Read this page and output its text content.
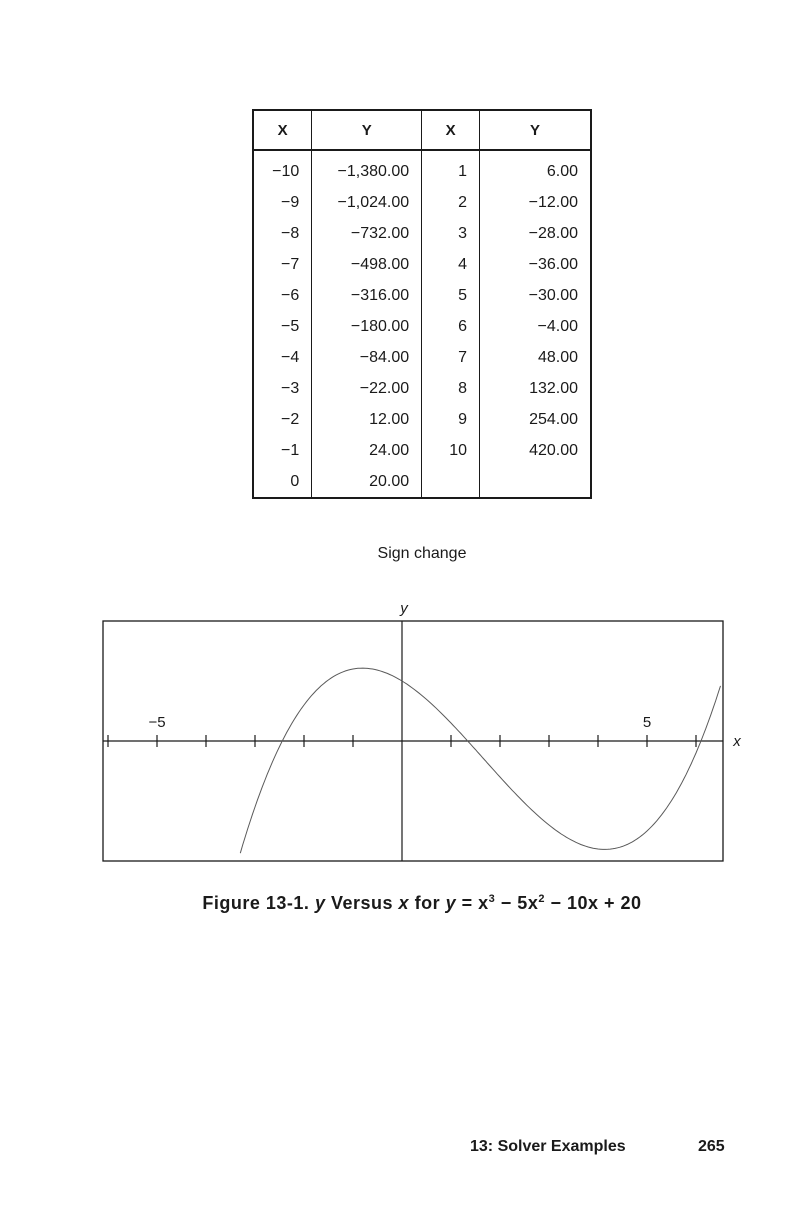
X	Y	X	Y
−10	−1,380.00	1	6.00
−9	−1,024.00	2	−12.00
−8	−732.00	3	−28.00
−7	−498.00	4	−36.00
−6	−316.00	5	−30.00
−5	−180.00	6	−4.00
−4	−84.00	7	48.00
−3	−22.00	8	132.00
−2	12.00	9	254.00
−1	24.00	10	420.00
0	20.00		
Sign change
−5	5
y
x
Figure 13-1. y Versus x for $y = x^3 - 5x^2 - 10x + 20$
13: Solver Examples	265
